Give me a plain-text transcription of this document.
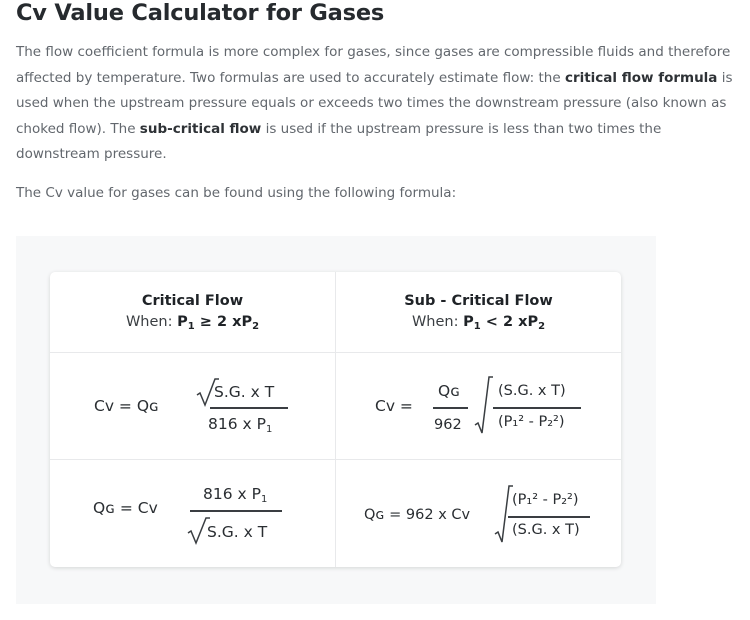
Cv Value Calculator for Gases

The flow coefficient formula is more complex for gases, since gases are compressible fluids and therefore affected by temperature. Two formulas are used to accurately estimate flow: the critical flow formula is used when the upstream pressure equals or exceeds two times the downstream pressure (also known as choked flow). The sub-critical flow is used if the upstream pressure is less than two times the downstream pressure.

The Cv value for gases can be found using the following formula:

Critical Flow
When: $P_1 \ge 2$ $xP_2$
Sub - Critical Flow
When: $P_1 < 2$ $xP_2$
Cv = Qɢ
S.G. x T
816 x $P_1$
Qɢ = Cv
816 x $P_1$
S.G. x T
Cv =
Qɢ
962
(S.G. x T)
(P₁² - P₂²)
Qɢ = 962 x Cv
(P₁² - P₂²)
(S.G. x T)
